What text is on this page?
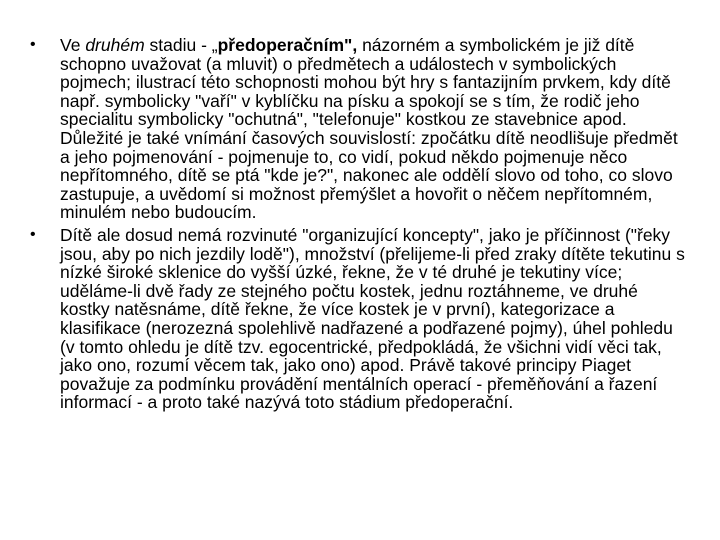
• Ve druhém stadiu - „předoperačním", názorném a symbolickém je již dítě schopno uvažovat (a mluvit) o předmětech a událostech v symbolických pojmech; ilustrací této schopnosti mohou být hry s fantazijním prvkem, kdy dítě např. symbolicky "vaří" v kyblíčku na písku a spokojí se s tím, že rodič jeho specialitu symbolicky "ochutná", "telefonuje" kostkou ze stavebnice apod. Důležité je také vnímání časových souvislostí: zpočátku dítě neodlišuje předmět a jeho pojmenování - pojmenuje to, co vidí, pokud někdo pojmenuje něco nepřítomného, dítě se ptá "kde je?", nakonec ale oddělí slovo od toho, co slovo zastupuje, a uvědomí si možnost přemýšlet a hovořit o něčem nepřítomném, minulém nebo budoucím.
• Dítě ale dosud nemá rozvinuté "organizující koncepty", jako je příčinnost ("řeky jsou, aby po nich jezdily lodě"), množství (přelijeme-li před zraky dítěte tekutinu s nízké široké sklenice do vyšší úzké, řekne, že v té druhé je tekutiny více; uděláme-li dvě řady ze stejného počtu kostek, jednu roztáhneme, ve druhé kostky natěsnáme, dítě řekne, že více kostek je v první), kategorizace a klasifikace (nerozezná spolehlivě nadřazené a podřazené pojmy), úhel pohledu (v tomto ohledu je dítě tzv. egocentrické, předpokládá, že všichni vidí věci tak, jako ono, rozumí věcem tak, jako ono) apod. Právě takové principy Piaget považuje za podmínku provádění mentálních operací - přeměňování a řazení informací - a proto také nazývá toto stádium předoperační.
